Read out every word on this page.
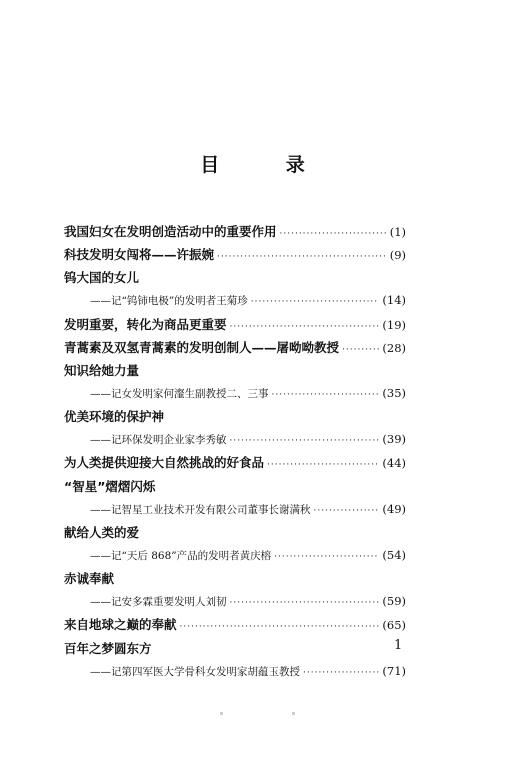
目 录
我国妇女在发明创造活动中的重要作用 ·····	(1)
科技发明女闯将——许振婉 ·····	(9)
钨大国的女儿
——记“钨铈电极”的发明者王菊珍 ·····	(14)
发明重要，转化为商品更重要 ·····	(19)
青蒿素及双氢青蒿素的发明创制人——屠呦呦教授 ·····	(28)
知识给她力量
——记女发明家何瀣生副教授二、三事 ·····	(35)
优美环境的保护神
——记环保发明企业家李秀敏 ·····	(39)
为人类提供迎接大自然挑战的好食品 ·····	(44)
“智星”熠熠闪烁
——记智星工业技术开发有限公司董事长谢满秋 ·····	(49)
献给人类的爱
——记“天后 868”产品的发明者黄庆榕 ·····	(54)
赤诚奉献
——记安多霖重要发明人刘韧 ·····	(59)
来自地球之巅的奉献 ·····	(65)
百年之梦圆东方
——记第四军医大学骨科女发明家胡蕴玉教授 ·····	(71)
1
